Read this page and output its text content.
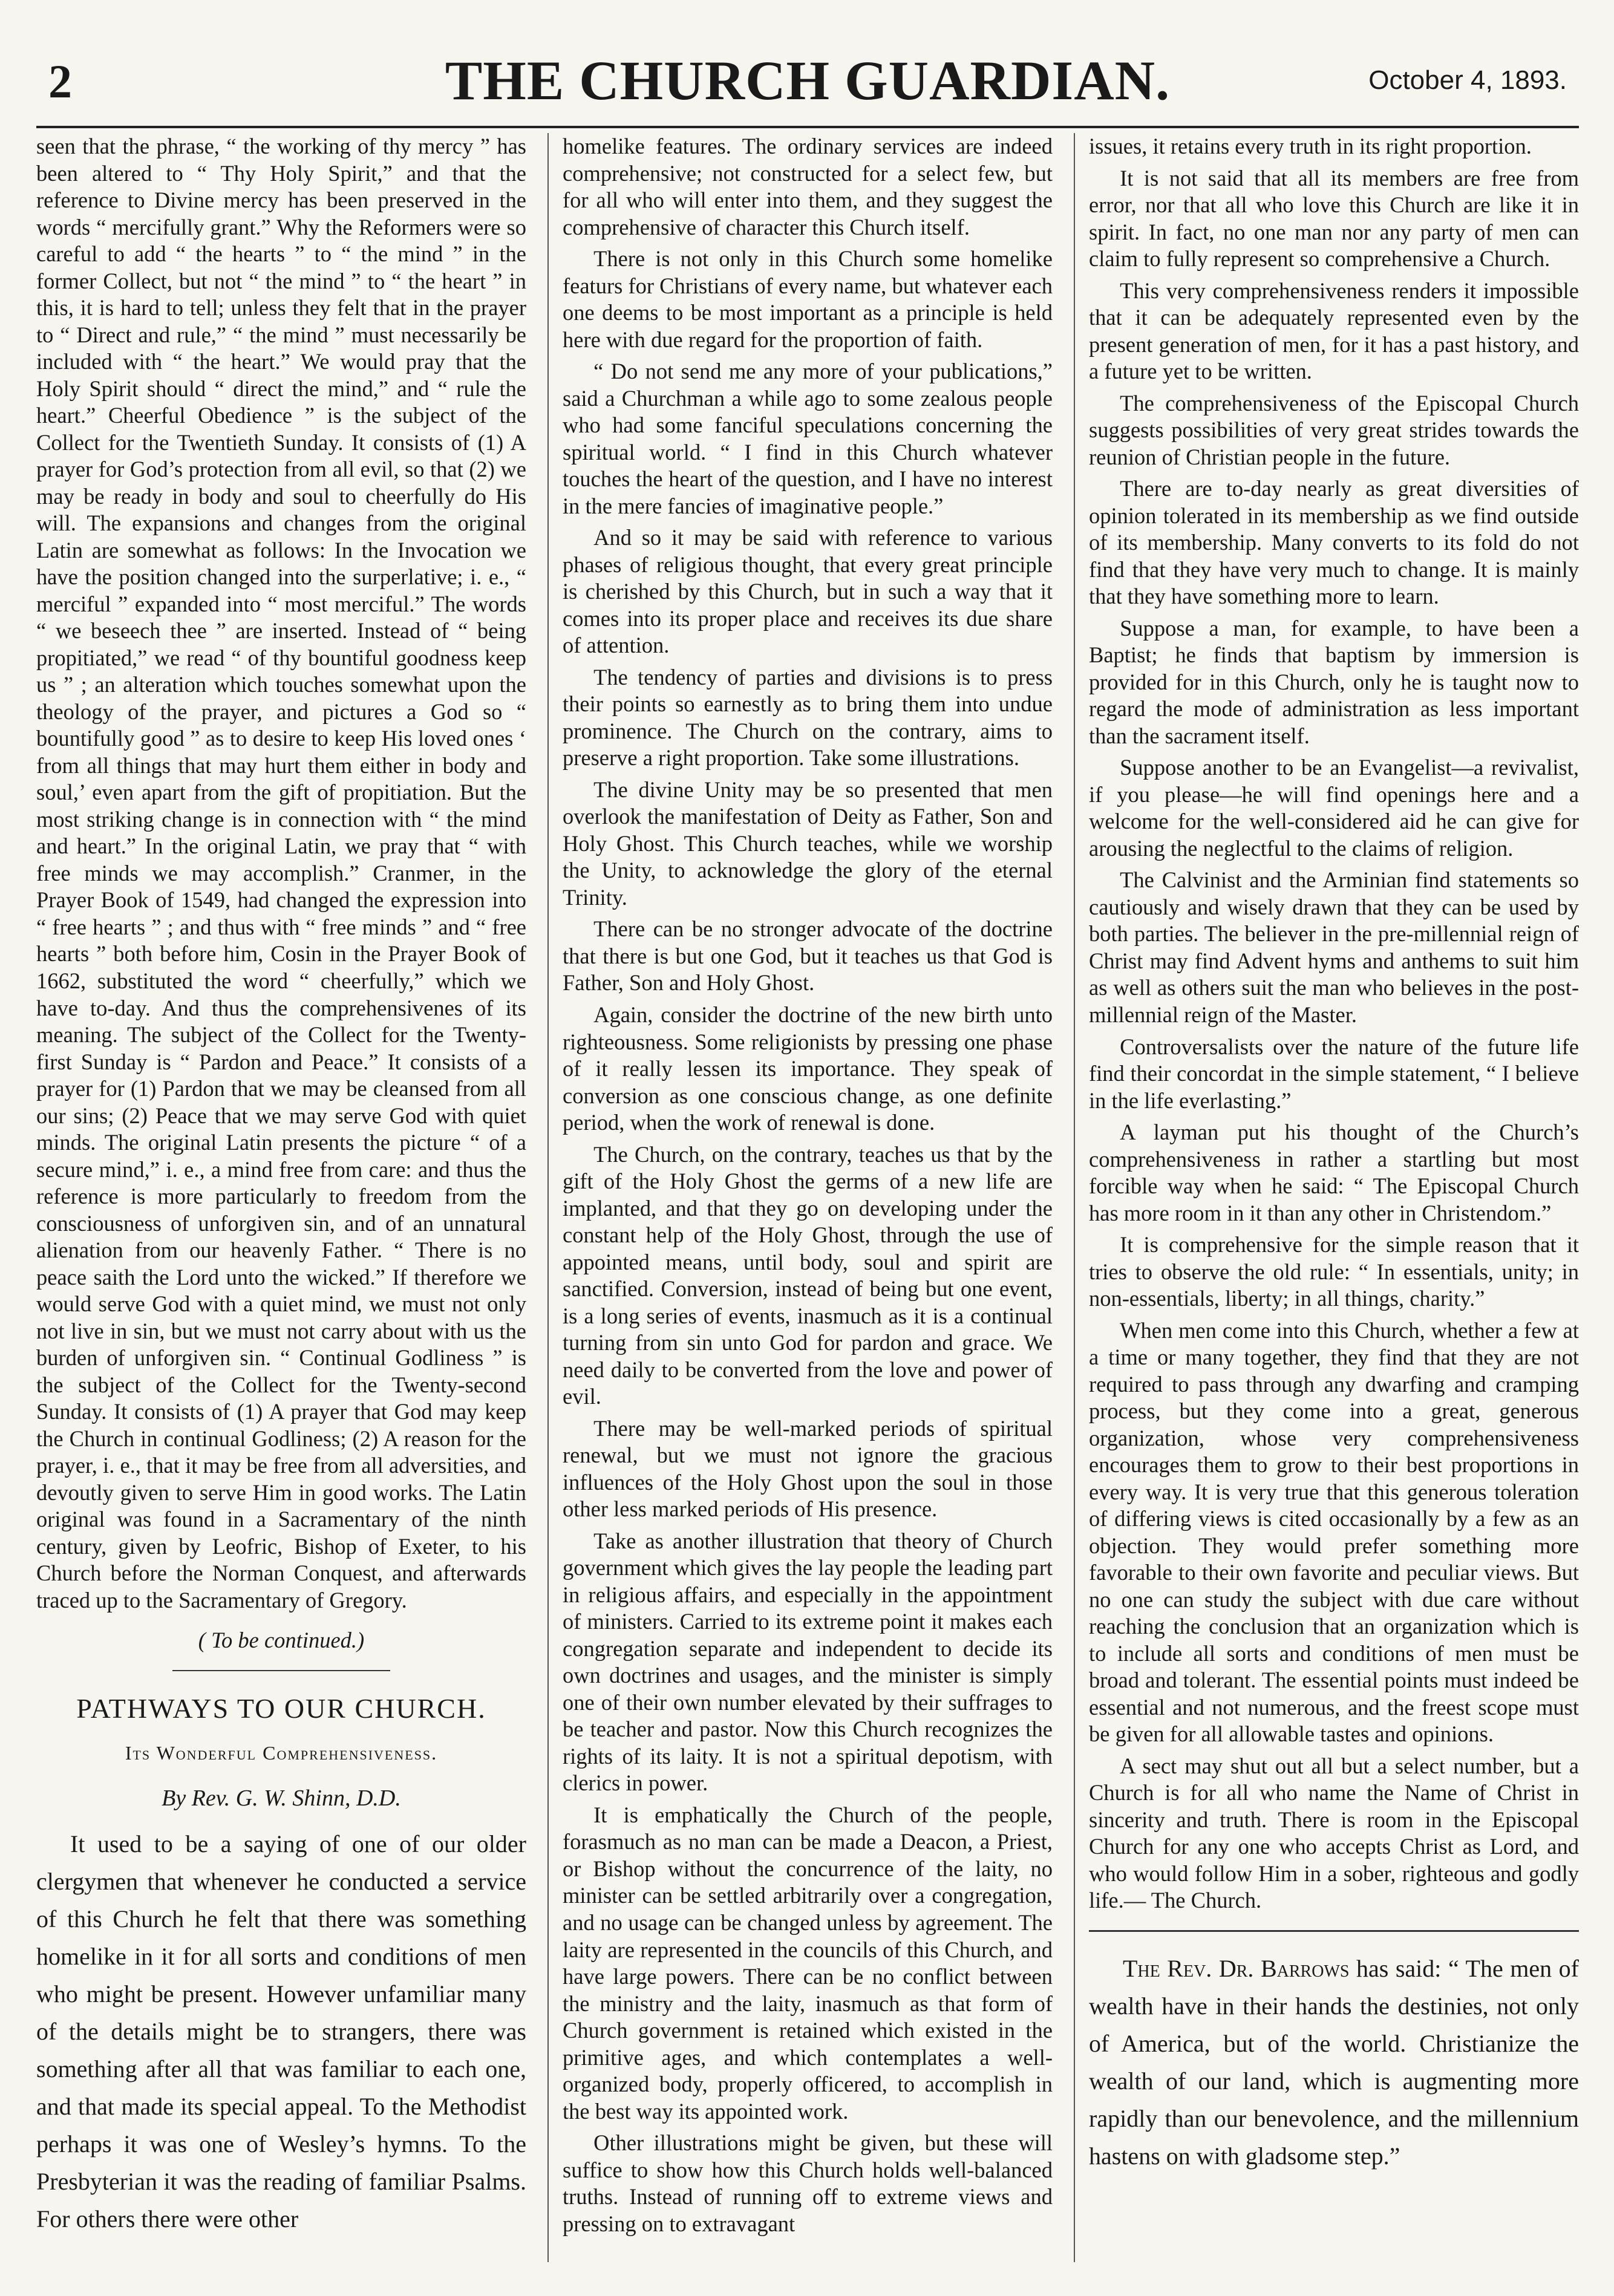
2	THE CHURCH GUARDIAN.	October 4, 1893.

seen that the phrase, “ the working of thy mercy ” has been altered to “ Thy Holy Spirit,” and that the reference to Divine mercy has been preserved in the words “ mercifully grant.” Why the Reformers were so careful to add “ the hearts ” to “ the mind ” in the former Collect, but not “ the mind ” to “ the heart ” in this, it is hard to tell; unless they felt that in the prayer to “ Direct and rule,” “ the mind ” must necessarily be included with “ the heart.” We would pray that the Holy Spirit should “ direct the mind,” and “ rule the heart.” Cheerful Obedience ” is the subject of the Collect for the Twentieth Sunday. It consists of (1) A prayer for God’s protection from all evil, so that (2) we may be ready in body and soul to cheerfully do His will. The expansions and changes from the original Latin are somewhat as follows: In the Invocation we have the position changed into the surperlative; i. e., “ merciful ” expanded into “ most merciful.” The words “ we beseech thee ” are inserted. Instead of “ being propitiated,” we read “ of thy bountiful goodness keep us ” ; an alteration which touches somewhat upon the theology of the prayer, and pictures a God so “ bountifully good ” as to desire to keep His loved ones ‘ from all things that may hurt them either in body and soul,’ even apart from the gift of propitiation. But the most striking change is in connection with “ the mind and heart.” In the original Latin, we pray that “ with free minds we may accomplish.” Cranmer, in the Prayer Book of 1549, had changed the expression into “ free hearts ” ; and thus with “ free minds ” and “ free hearts ” both before him, Cosin in the Prayer Book of 1662, substituted the word “ cheerfully,” which we have to-day. And thus the comprehensivenes of its meaning. The subject of the Collect for the Twenty-first Sunday is “ Pardon and Peace.” It consists of a prayer for (1) Pardon that we may be cleansed from all our sins; (2) Peace that we may serve God with quiet minds. The original Latin presents the picture “ of a secure mind,” i. e., a mind free from care: and thus the reference is more particularly to freedom from the consciousness of unforgiven sin, and of an unnatural alienation from our heavenly Father. “ There is no peace saith the Lord unto the wicked.” If therefore we would serve God with a quiet mind, we must not only not live in sin, but we must not carry about with us the burden of unforgiven sin. “ Continual Godliness ” is the subject of the Collect for the Twenty-second Sunday. It consists of (1) A prayer that God may keep the Church in continual Godliness; (2) A reason for the prayer, i. e., that it may be free from all adversities, and devoutly given to serve Him in good works. The Latin original was found in a Sacramentary of the ninth century, given by Leofric, Bishop of Exeter, to his Church before the Norman Conquest, and afterwards traced up to the Sacramentary of Gregory.

( To be continued.)

PATHWAYS TO OUR CHURCH.

Its Wonderful Comprehensiveness.

By Rev. G. W. Shinn, D.D.

It used to be a saying of one of our older clergymen that whenever he conducted a service of this Church he felt that there was something homelike in it for all sorts and conditions of men who might be present. However unfamiliar many of the details might be to strangers, there was something after all that was familiar to each one, and that made its special appeal. To the Methodist perhaps it was one of Wesley’s hymns. To the Presbyterian it was the reading of familiar Psalms. For others there were other

homelike features. The ordinary services are indeed comprehensive; not constructed for a select few, but for all who will enter into them, and they suggest the comprehensive of character this Church itself.

There is not only in this Church some homelike featurs for Christians of every name, but whatever each one deems to be most important as a principle is held here with due regard for the proportion of faith.

“ Do not send me any more of your publications,” said a Churchman a while ago to some zealous people who had some fanciful speculations concerning the spiritual world. “ I find in this Church whatever touches the heart of the question, and I have no interest in the mere fancies of imaginative people.”

And so it may be said with reference to various phases of religious thought, that every great principle is cherished by this Church, but in such a way that it comes into its proper place and receives its due share of attention.

The tendency of parties and divisions is to press their points so earnestly as to bring them into undue prominence. The Church on the contrary, aims to preserve a right proportion. Take some illustrations.

The divine Unity may be so presented that men overlook the manifestation of Deity as Father, Son and Holy Ghost. This Church teaches, while we worship the Unity, to acknowledge the glory of the eternal Trinity.

There can be no stronger advocate of the doctrine that there is but one God, but it teaches us that God is Father, Son and Holy Ghost.

Again, consider the doctrine of the new birth unto righteousness. Some religionists by pressing one phase of it really lessen its importance. They speak of conversion as one conscious change, as one definite period, when the work of renewal is done.

The Church, on the contrary, teaches us that by the gift of the Holy Ghost the germs of a new life are implanted, and that they go on developing under the constant help of the Holy Ghost, through the use of appointed means, until body, soul and spirit are sanctified. Conversion, instead of being but one event, is a long series of events, inasmuch as it is a continual turning from sin unto God for pardon and grace. We need daily to be converted from the love and power of evil.

There may be well-marked periods of spiritual renewal, but we must not ignore the gracious influences of the Holy Ghost upon the soul in those other less marked periods of His presence.

Take as another illustration that theory of Church government which gives the lay people the leading part in religious affairs, and especially in the appointment of ministers. Carried to its extreme point it makes each congregation separate and independent to decide its own doctrines and usages, and the minister is simply one of their own number elevated by their suffrages to be teacher and pastor. Now this Church recognizes the rights of its laity. It is not a spiritual depotism, with clerics in power.

It is emphatically the Church of the people, forasmuch as no man can be made a Deacon, a Priest, or Bishop without the concurrence of the laity, no minister can be settled arbitrarily over a congregation, and no usage can be changed unless by agreement. The laity are represented in the councils of this Church, and have large powers. There can be no conflict between the ministry and the laity, inasmuch as that form of Church government is retained which existed in the primitive ages, and which contemplates a well-organized body, properly officered, to accomplish in the best way its appointed work.

Other illustrations might be given, but these will suffice to show how this Church holds well-balanced truths. Instead of running off to extreme views and pressing on to extravagant

issues, it retains every truth in its right proportion.

It is not said that all its members are free from error, nor that all who love this Church are like it in spirit. In fact, no one man nor any party of men can claim to fully represent so comprehensive a Church.

This very comprehensiveness renders it impossible that it can be adequately represented even by the present generation of men, for it has a past history, and a future yet to be written.

The comprehensiveness of the Episcopal Church suggests possibilities of very great strides towards the reunion of Christian people in the future.

There are to-day nearly as great diversities of opinion tolerated in its membership as we find outside of its membership. Many converts to its fold do not find that they have very much to change. It is mainly that they have something more to learn.

Suppose a man, for example, to have been a Baptist; he finds that baptism by immersion is provided for in this Church, only he is taught now to regard the mode of administration as less important than the sacrament itself.

Suppose another to be an Evangelist—a revivalist, if you please—he will find openings here and a welcome for the well-considered aid he can give for arousing the neglectful to the claims of religion.

The Calvinist and the Arminian find statements so cautiously and wisely drawn that they can be used by both parties. The believer in the pre-millennial reign of Christ may find Advent hyms and anthems to suit him as well as others suit the man who believes in the post-millennial reign of the Master.

Controversalists over the nature of the future life find their concordat in the simple statement, “ I believe in the life everlasting.”

A layman put his thought of the Church’s comprehensiveness in rather a startling but most forcible way when he said: “ The Episcopal Church has more room in it than any other in Christendom.”

It is comprehensive for the simple reason that it tries to observe the old rule: “ In essentials, unity; in non-essentials, liberty; in all things, charity.”

When men come into this Church, whether a few at a time or many together, they find that they are not required to pass through any dwarfing and cramping process, but they come into a great, generous organization, whose very comprehensiveness encourages them to grow to their best proportions in every way. It is very true that this generous toleration of differing views is cited occasionally by a few as an objection. They would prefer something more favorable to their own favorite and peculiar views. But no one can study the subject with due care without reaching the conclusion that an organization which is to include all sorts and conditions of men must be broad and tolerant. The essential points must indeed be essential and not numerous, and the freest scope must be given for all allowable tastes and opinions.

A sect may shut out all but a select number, but a Church is for all who name the Name of Christ in sincerity and truth. There is room in the Episcopal Church for any one who accepts Christ as Lord, and who would follow Him in a sober, righteous and godly life.— The Church.

The Rev. Dr. Barrows has said: “ The men of wealth have in their hands the destinies, not only of America, but of the world. Christianize the wealth of our land, which is augmenting more rapidly than our benevolence, and the millennium hastens on with gladsome step.”
